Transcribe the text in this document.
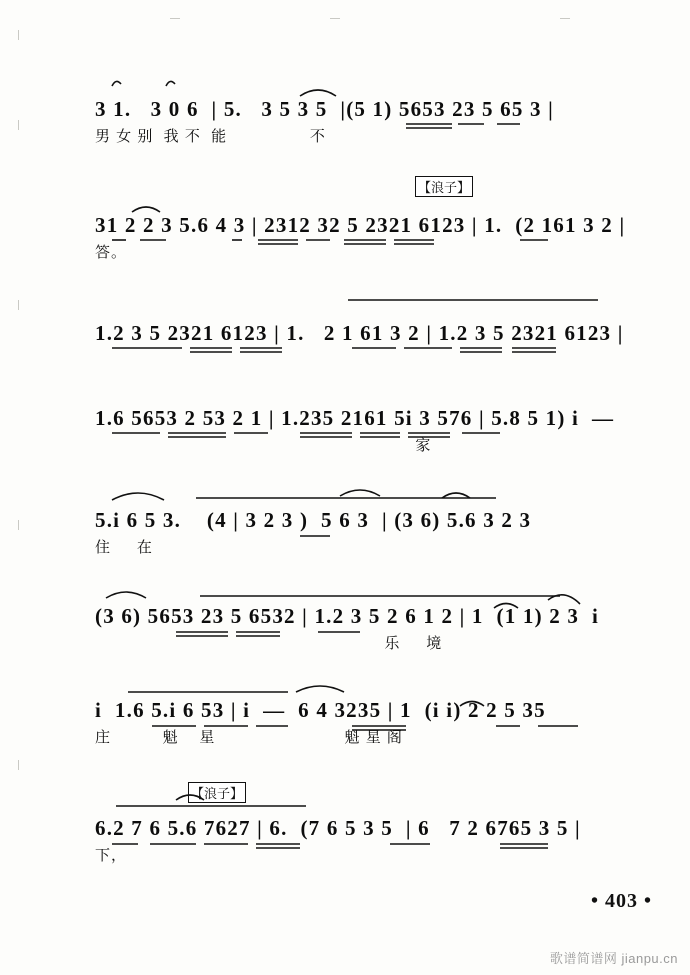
3 1.   3 0 6  | 5.   3 5 3 5  |(5 1) 5653 23 5 65 3 |
男 女 别  我 不  能                不
【浪子】
31 2 2 3 5.6 4 3 | 2312 32 5 2321 6123 | 1.  (2 161 3 2 |
答。
1.2 3 5 2321 6123 | 1.   2 1 61 3 2 | 1.2 3 5 2321 6123 |
1.6 5653 2 53 2 1 | 1.235 2161 5i 3 576 | 5.8 5 1) i  —
家
5.i 6 5 3.    (4 | 3 2 3 )  5 6 3  | (3 6) 5.6 3 2 3
住     在
(3 6) 5653 23 5 6532 | 1.2 3 5 2 6 1 2 | 1  (1 1) 2 3  i
乐     境
i  1.6 5.i 6 53 | i  —  6 4 3235 | 1  (i i) 2 2 5 35
庄          魁    星                         魁 星 阁
【浪子】
6.2 7 6 5.6 7627 | 6.  (7 6 5 3 5  | 6   7 2 6765 3 5 |
下，
• 403 •
歌谱简谱网 jianpu.cn
